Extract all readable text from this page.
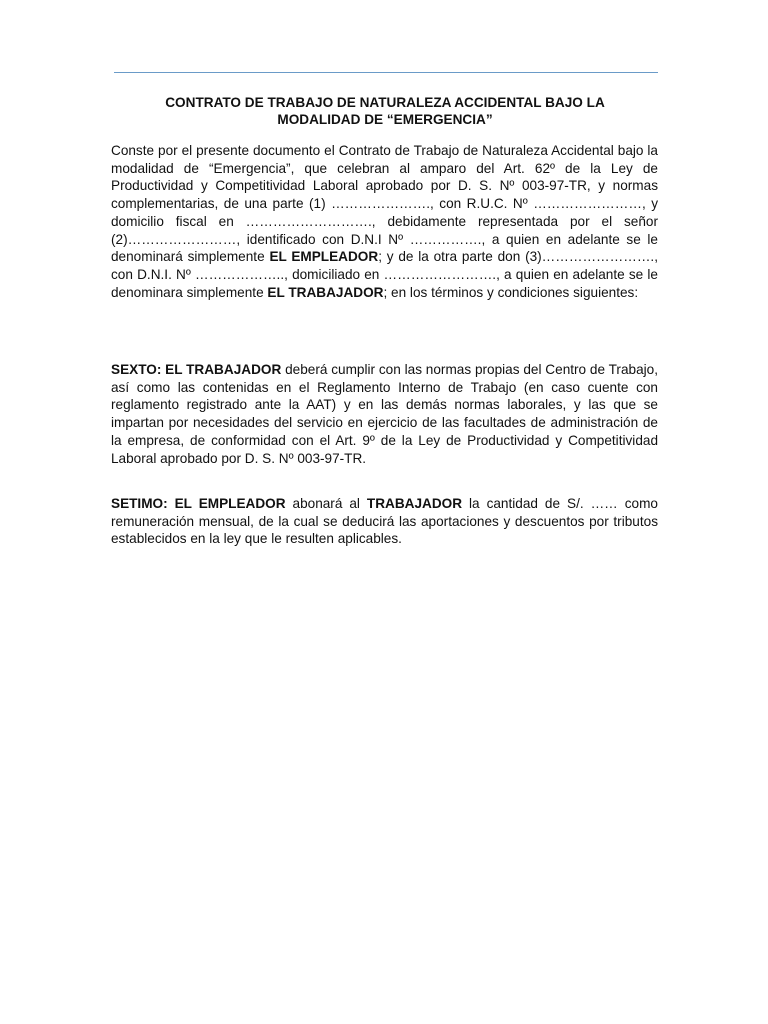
CONTRATO DE TRABAJO DE NATURALEZA ACCIDENTAL BAJO LA
MODALIDAD DE “EMERGENCIA”

Conste por el presente documento el Contrato de Trabajo de Naturaleza Accidental bajo la modalidad de “Emergencia”, que celebran al amparo del Art. 62º de la Ley de Productividad y Competitividad Laboral aprobado por D. S. Nº 003-97-TR, y normas complementarias, de una parte (1) …………………., con R.U.C. Nº ……………………, y domicilio fiscal en ………………………., debidamente representada por el señor (2)……………………, identificado con D.N.I Nº ……………., a quien en adelante se le denominará simplemente EL EMPLEADOR; y de la otra parte don (3)……………………., con D.N.I. Nº ……………….., domiciliado en ……………………., a quien en adelante se le denominara simplemente EL TRABAJADOR; en los términos y condiciones siguientes:

SEXTO: EL TRABAJADOR deberá cumplir con las normas propias del Centro de Trabajo, así como las contenidas en el Reglamento Interno de Trabajo (en caso cuente con reglamento registrado ante la AAT) y en las demás normas laborales, y las que se impartan por necesidades del servicio en ejercicio de las facultades de administración de la empresa, de conformidad con el Art. 9º de la Ley de Productividad y Competitividad Laboral aprobado por D. S. Nº 003-97-TR.

SETIMO: EL EMPLEADOR abonará al TRABAJADOR la cantidad de S/. …… como remuneración mensual, de la cual se deducirá las aportaciones y descuentos por tributos establecidos en la ley que le resulten aplicables.
